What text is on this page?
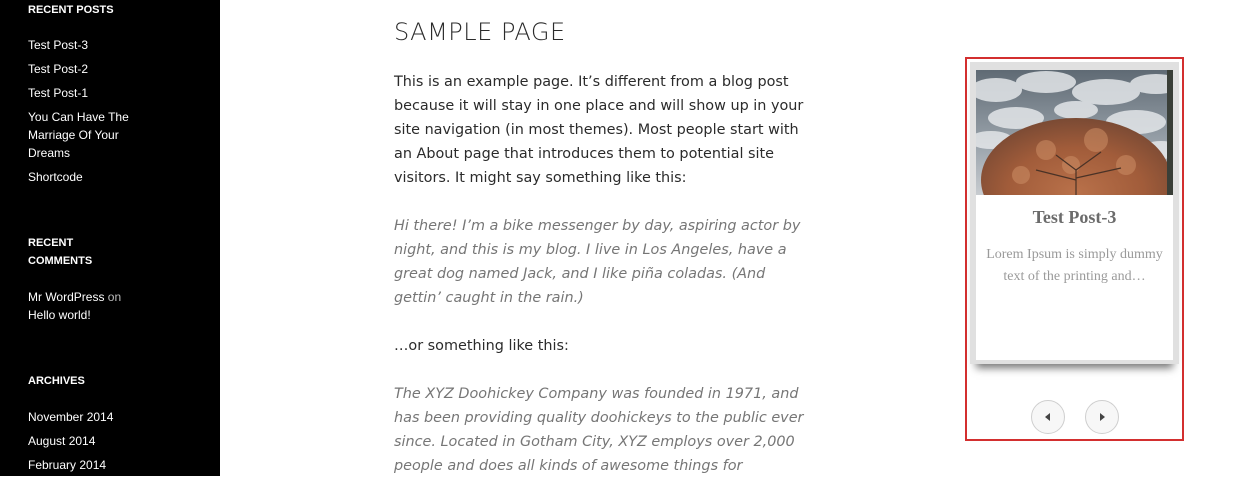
RECENT POSTS
Test Post-3
Test Post-2
Test Post-1
You Can Have The Marriage Of Your Dreams
Shortcode
RECENT COMMENTS
Mr WordPress on
Hello world!
ARCHIVES
November 2014
August 2014
February 2014
SAMPLE PAGE

This is an example page. It’s different from a blog post because it will stay in one place and will show up in your site navigation (in most themes). Most people start with an About page that introduces them to potential site visitors. It might say something like this:

Hi there! I’m a bike messenger by day, aspiring actor by night, and this is my blog. I live in Los Angeles, have a great dog named Jack, and I like piña coladas. (And gettin’ caught in the rain.)

…or something like this:

The XYZ Doohickey Company was founded in 1971, and has been providing quality doohickeys to the public ever since. Located in Gotham City, XYZ employs over 2,000 people and does all kinds of awesome things for

Test Post-3

Lorem Ipsum is simply dummy text of the printing and…
